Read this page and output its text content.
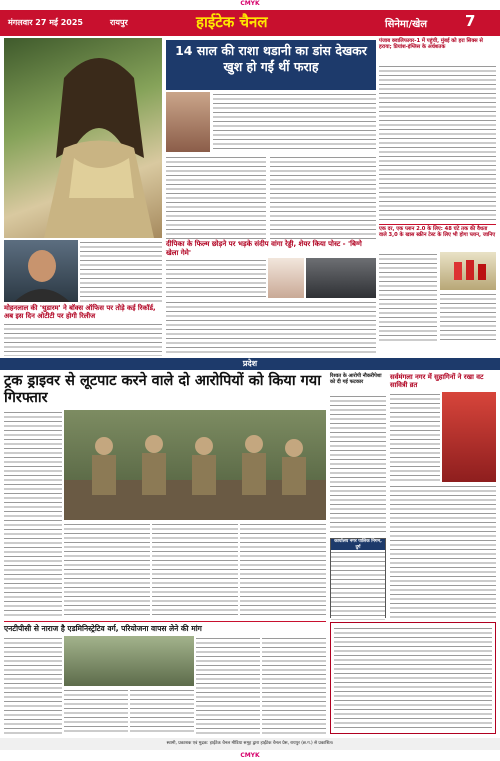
CMYK
मंगलवार 27 मई 2025	रायपुर	हाईटेक चैनल	सिनेमा/खेल	7
14 साल की राशा थडानी का डांस देखकर खुश हो गईं थीं फराह
पंजाब क्वालिफायर-1 में पहुंची, मुंबई को हरा सिक्स से हराया; प्रियांश-इंग्लिस के अर्धशतक
एक दर, एक प्लान 2.0 के लिए: 48 घंटे तक की वैधता वाले 3,0 के खास स्क्रीन टेस्ट के लिए भी होगा प्लान, जानिए
मोहनलाल की 'थुडारम' ने बॉक्स ऑफिस पर तोड़े कई रिकॉर्ड, अब इस दिन ओटीटी पर होगी रिलीज
दीपिका के फिल्म छोड़ने पर भड़के संदीप वांगा रेड्डी, शेयर किया पोस्ट - 'बिग्गे खेला गेमे'
प्रदेश
ट्रक ड्राइवर से लूटपाट करने वाले दो आरोपियों को किया गया गिरफ्तार
एनटीपीसी से नाराज है एडमिनिस्ट्रेटिव वर्ग, परियोजना वापस लेने की मांग
रिश्वत के आरोपी नौकरीपेशा को दी गई फटकार
कार्यालय नगर पालिक निगम, दुर्ग
सर्वमंगला नगर में सुहागिनों ने रखा वट सावित्री व्रत
स्वामी, प्रकाशक एवं मुद्रक: हाईटेक चैनल मीडिया समूह द्वारा हाईटेक चैनल प्रेस, रायपुर (छ.ग.) से प्रकाशित।
CMYK
